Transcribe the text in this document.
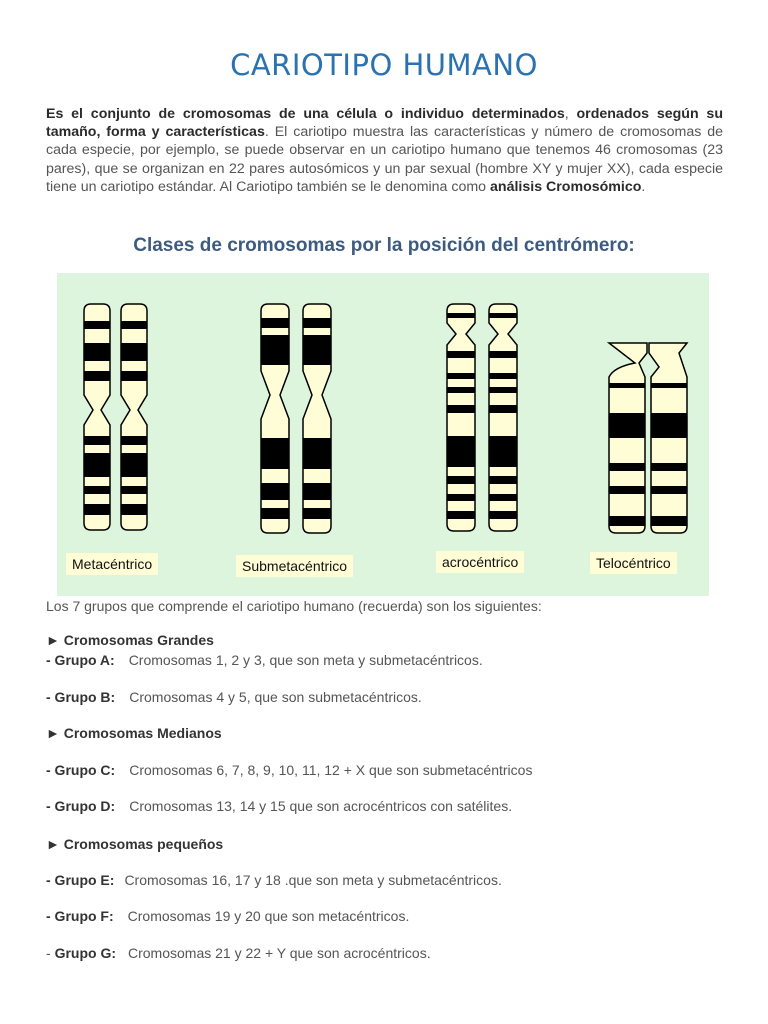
CARIOTIPO HUMANO
Es el conjunto de cromosomas de una célula o individuo determinados, ordenados según su tamaño, forma y características. El cariotipo muestra las características y número de cromosomas de cada especie, por ejemplo, se puede observar en un cariotipo humano que tenemos 46 cromosomas (23 pares), que se organizan en 22 pares autosómicos y un par sexual (hombre XY y mujer XX), cada especie tiene un cariotipo estándar. Al Cariotipo también se le denomina como análisis Cromosómico.
Clases de cromosomas por la posición del centrómero:
Metacéntrico	Submetacéntrico	acrocéntrico	Telocéntrico
Los 7 grupos que comprende el cariotipo humano (recuerda) son los siguientes:
► Cromosomas Grandes
- Grupo A: Cromosomas 1, 2 y 3, que son meta y submetacéntricos.
- Grupo B: Cromosomas 4 y 5, que son submetacéntricos.
► Cromosomas Medianos
- Grupo C: Cromosomas 6, 7, 8, 9, 10, 11, 12 + X que son submetacéntricos
- Grupo D: Cromosomas 13, 14 y 15 que son acrocéntricos con satélites.
► Cromosomas pequeños
- Grupo E: Cromosomas 16, 17 y 18 .que son meta y submetacéntricos.
- Grupo F: Cromosomas 19 y 20 que son metacéntricos.
- Grupo G: Cromosomas 21 y 22 + Y que son acrocéntricos.
